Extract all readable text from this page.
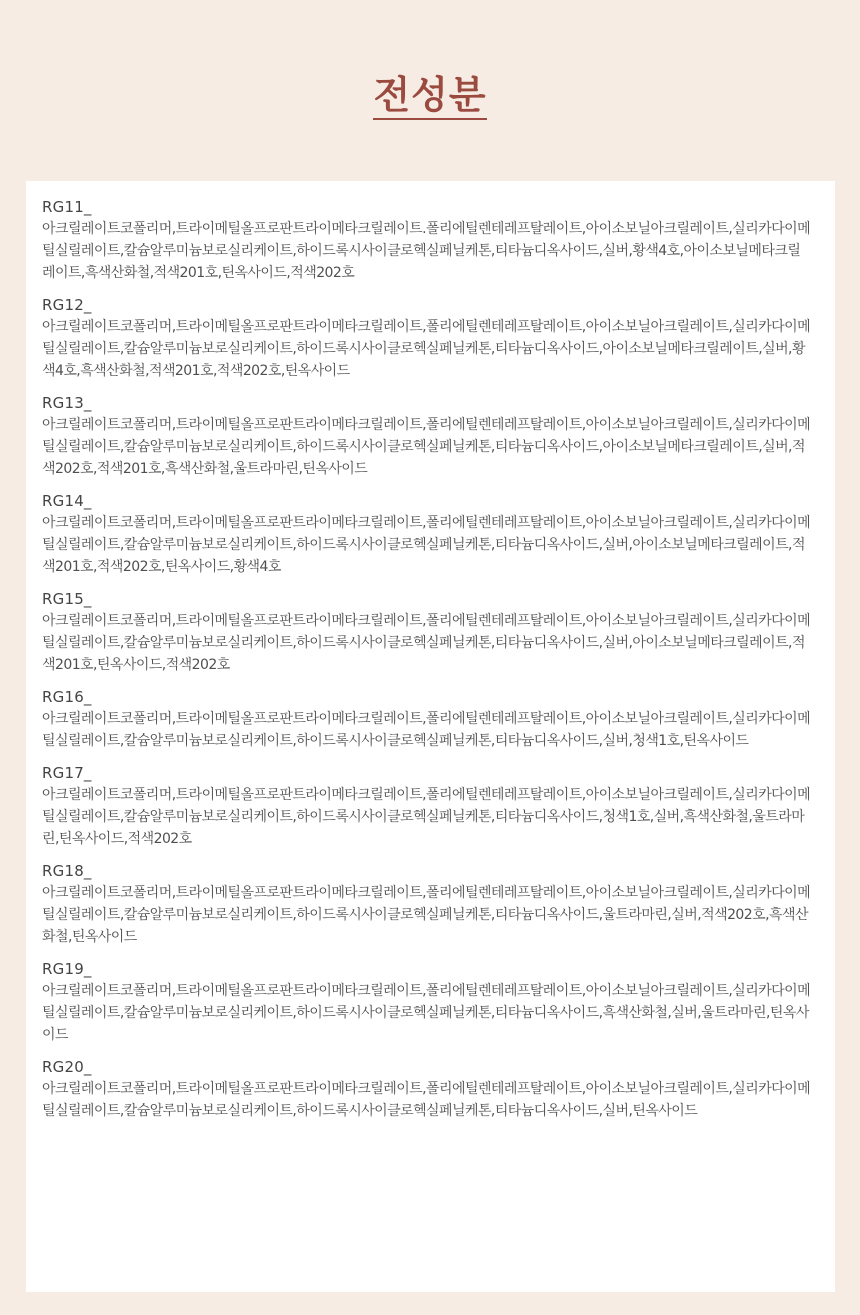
전성분
RG11_
아크릴레이트코폴리머,트라이메틸올프로판트라이메타크릴레이트.폴리에틸렌테레프탈레이트,아이소보닐아크릴레이트,실리카다이메틸실릴레이트,칼슘알루미늄보로실리케이트,하이드록시사이클로헥실페닐케톤,티타늄디옥사이드,실버,황색4호,아이소보닐메타크릴레이트,흑색산화철,적색201호,틴옥사이드,적색202호
RG12_
아크릴레이트코폴리머,트라이메틸올프로판트라이메타크릴레이트,폴리에틸렌테레프탈레이트,아이소보닐아크릴레이트,실리카다이메틸실릴레이트,칼슘알루미늄보로실리케이트,하이드록시사이클로헥실페닐케톤,티타늄디옥사이드,아이소보닐메타크릴레이트,실버,황색4호,흑색산화철,적색201호,적색202호,틴옥사이드
RG13_
아크릴레이트코폴리머,트라이메틸올프로판트라이메타크릴레이트,폴리에틸렌테레프탈레이트,아이소보닐아크릴레이트,실리카다이메틸실릴레이트,칼슘알루미늄보로실리케이트,하이드록시사이클로헥실페닐케톤,티타늄디옥사이드,아이소보닐메타크릴레이트,실버,적색202호,적색201호,흑색산화철,울트라마린,틴옥사이드
RG14_
아크릴레이트코폴리머,트라이메틸올프로판트라이메타크릴레이트,폴리에틸렌테레프탈레이트,아이소보닐아크릴레이트,실리카다이메틸실릴레이트,칼슘알루미늄보로실리케이트,하이드록시사이클로헥실페닐케톤,티타늄디옥사이드,실버,아이소보닐메타크릴레이트,적색201호,적색202호,틴옥사이드,황색4호
RG15_
아크릴레이트코폴리머,트라이메틸올프로판트라이메타크릴레이트,폴리에틸렌테레프탈레이트,아이소보닐아크릴레이트,실리카다이메틸실릴레이트,칼슘알루미늄보로실리케이트,하이드록시사이클로헥실페닐케톤,티타늄디옥사이드,실버,아이소보닐메타크릴레이트,적색201호,틴옥사이드,적색202호
RG16_
아크릴레이트코폴리머,트라이메틸올프로판트라이메타크릴레이트,폴리에틸렌테레프탈레이트,아이소보닐아크릴레이트,실리카다이메틸실릴레이트,칼슘알루미늄보로실리케이트,하이드록시사이클로헥실페닐케톤,티타늄디옥사이드,실버,청색1호,틴옥사이드
RG17_
아크릴레이트코폴리머,트라이메틸올프로판트라이메타크릴레이트,폴리에틸렌테레프탈레이트,아이소보닐아크릴레이트,실리카다이메틸실릴레이트,칼슘알루미늄보로실리케이트,하이드록시사이클로헥실페닐케톤,티타늄디옥사이드,청색1호,실버,흑색산화철,울트라마린,틴옥사이드,적색202호
RG18_
아크릴레이트코폴리머,트라이메틸올프로판트라이메타크릴레이트,폴리에틸렌테레프탈레이트,아이소보닐아크릴레이트,실리카다이메틸실릴레이트,칼슘알루미늄보로실리케이트,하이드록시사이클로헥실페닐케톤,티타늄디옥사이드,울트라마린,실버,적색202호,흑색산화철,틴옥사이드
RG19_
아크릴레이트코폴리머,트라이메틸올프로판트라이메타크릴레이트,폴리에틸렌테레프탈레이트,아이소보닐아크릴레이트,실리카다이메틸실릴레이트,칼슘알루미늄보로실리케이트,하이드록시사이클로헥실페닐케톤,티타늄디옥사이드,흑색산화철,실버,울트라마린,틴옥사이드
RG20_
아크릴레이트코폴리머,트라이메틸올프로판트라이메타크릴레이트,폴리에틸렌테레프탈레이트,아이소보닐아크릴레이트,실리카다이메틸실릴레이트,칼슘알루미늄보로실리케이트,하이드록시사이클로헥실페닐케톤,티타늄디옥사이드,실버,틴옥사이드
